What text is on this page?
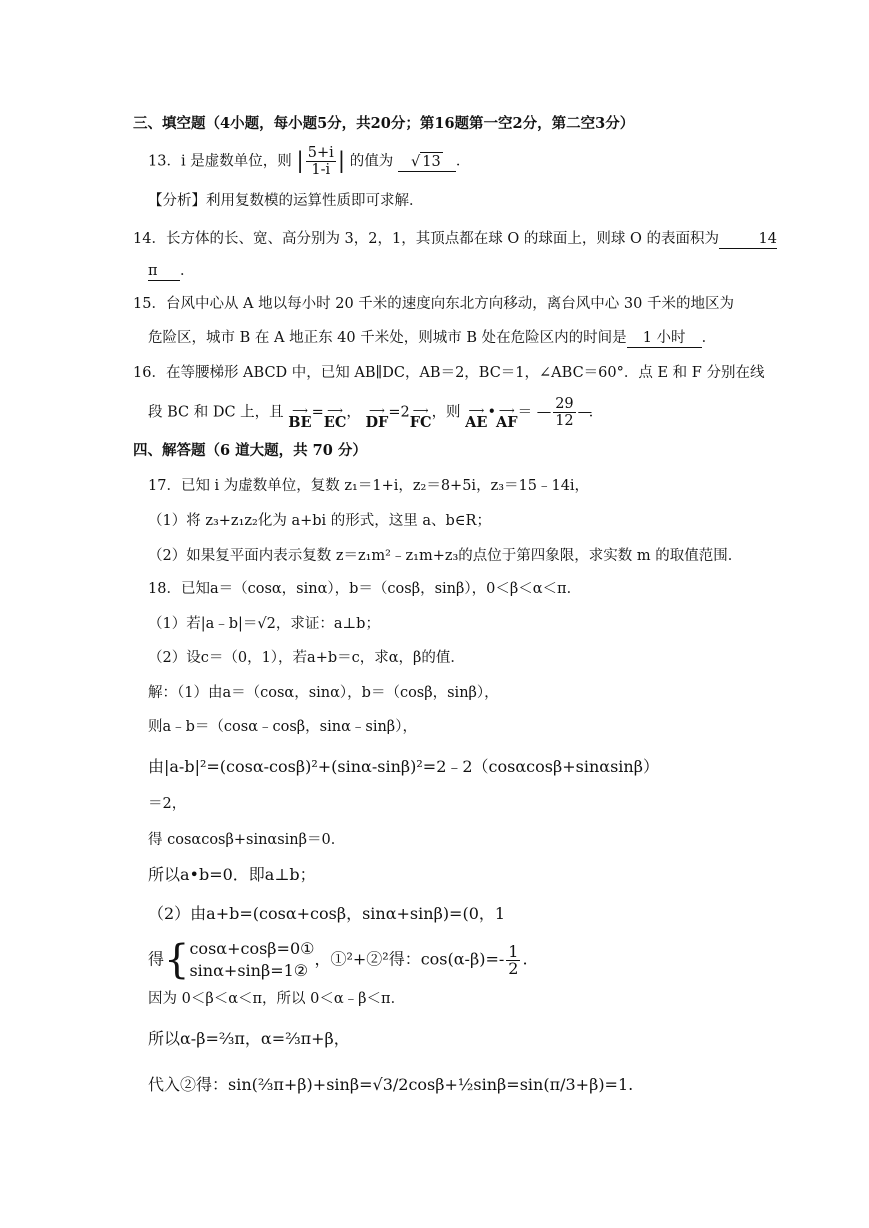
三、填空题（4小题，每小题5分，共20分；第16题第一空2分，第二空3分）
13．i 是虚数单位，则 | $\frac{5+i}{1-i}$ | 的值为 √ 13 ．
【分析】利用复数模的运算性质即可求解．
14．长方体的长、宽、高分别为 3，2，1，其顶点都在球 O 的球面上，则球 O 的表面积为	14
π ．
15．台风中心从 A 地以每小时 20 千米的速度向东北方向移动，离台风中心 30 千米的地区为
危险区，城市 B 在 A 地正东 40 千米处，则城市 B 处在危险区内的时间是 1 小时 ．
16．在等腰梯形 ABCD 中，已知 AB∥DC，AB＝2，BC＝1，∠ABC＝60°．点 E 和 F 分别在线
段 BC 和 DC 上，且 ⟶
BE
= ⟶
EC
， ⟶
DF
=2 ⟶
FC
，则 ⟶
AE
• ⟶
AF
＝ — $\frac{29}{12}$ —．
四、解答题（6 道大题，共 70 分）
17．已知 i 为虚数单位，复数 z₁＝1+i，z₂＝8+5i，z₃＝15﹣14i，
（1）将 z₃+z₁z₂化为 a+bi 的形式，这里 a、b∈R；
（2）如果复平面内表示复数 z＝z₁m²﹣z₁m+z₃的点位于第四象限，求实数 m 的取值范围．
18．已知a＝（cosα，sinα），b＝（cosβ，sinβ），0＜β＜α＜π．
（1）若|a﹣b|＝√2，求证：a⊥b；
（2）设c＝（0，1），若a+b＝c，求α，β的值．
解：（1）由a＝（cosα，sinα），b＝（cosβ，sinβ），
则a﹣b＝（cosα﹣cosβ，sinα﹣sinβ），
由|a-b|²=(cosα-cosβ)²+(sinα-sinβ)²=2﹣2（cosαcosβ+sinαsinβ）
＝2，
得 cosαcosβ+sinαsinβ＝0．
所以a•b=0．即a⊥b；
（2）由a+b=(cosα+cosβ，sinα+sinβ)=(0，1
得{ cosα+cosβ=0①
sinα+sinβ=1②
，①²+②²得：$\cos(\alpha-\beta)=- \frac{1}{2}$ .
因为 0＜β＜α＜π，所以 0＜α﹣β＜π．
所以α-β=⅔π，α=⅔π+β，
代入②得：sin(⅔π+β)+sinβ=√3/2cosβ+½sinβ=sin(π/3+β)=1.
